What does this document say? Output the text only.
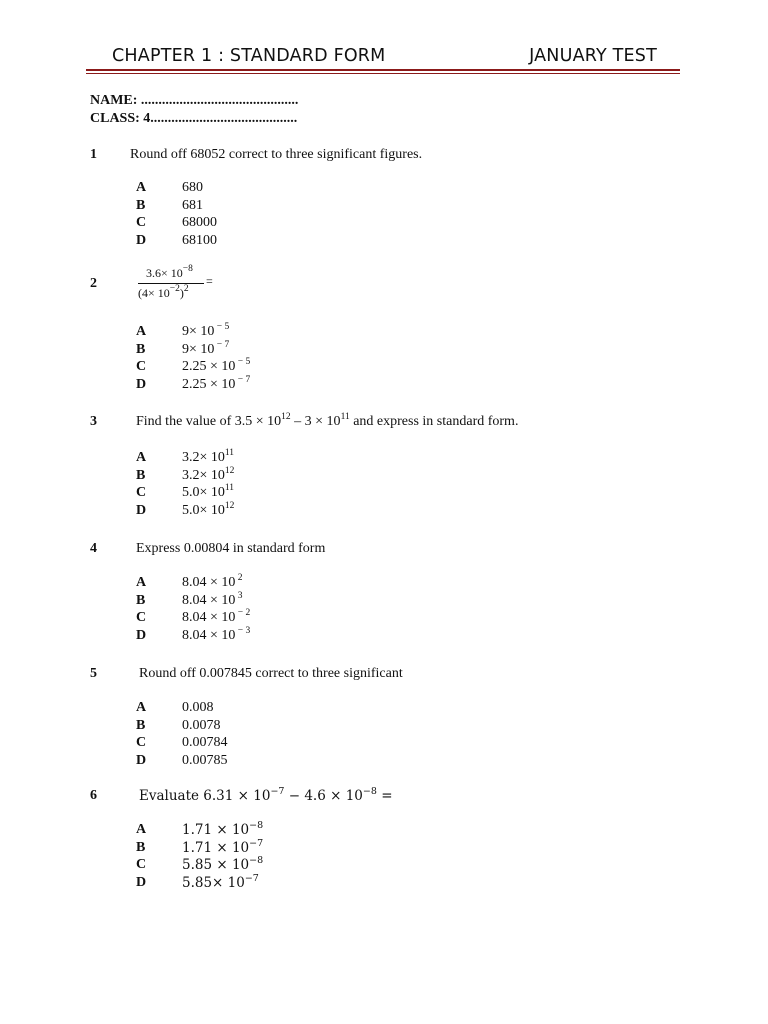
CHAPTER 1 : STANDARD FORM	JANUARY TEST
NAME: .............................................
CLASS: 4..........................................
1 Round off 68052 correct to three significant figures.
A	680
B	681
C	68000
D	68100
2
$3.6\times 10^{-8}$
$(4\times 10^{-2})^2$
=
A	9× 10 $^{- 5}$
B	9× 10 $^{- 7}$
C	2.25 × 10 $^{- 5}$
D	2.25 × 10 $^{- 7}$
3	Find the value of $3.5 \times 10^{12} - 3 \times 10^{11}$ and express in standard form.
A	$3.2\times 10^{11}$
B	$3.2\times 10^{12}$
C	$5.0\times 10^{11}$
D	$5.0\times 10^{12}$
4	Express 0.00804 in standard form
A	8.04 × 10 $^2$
B	8.04 × 10 $^3$
C	8.04 × 10 $^{- 2}$
D	8.04 × 10 $^{- 3}$
5	Round off 0.007845 correct to three significant
A	0.008
B	0.0078
C	0.00784
D	0.00785
6	Evaluate $6.31 \times 10^{-7} - 4.6 \times 10^{-8}$ =
A	$1.71 \times 10^{-8}$
B	$1.71 \times 10^{-7}$
C	$5.85 \times 10^{-8}$
D	$5.85\times 10^{-7}$
